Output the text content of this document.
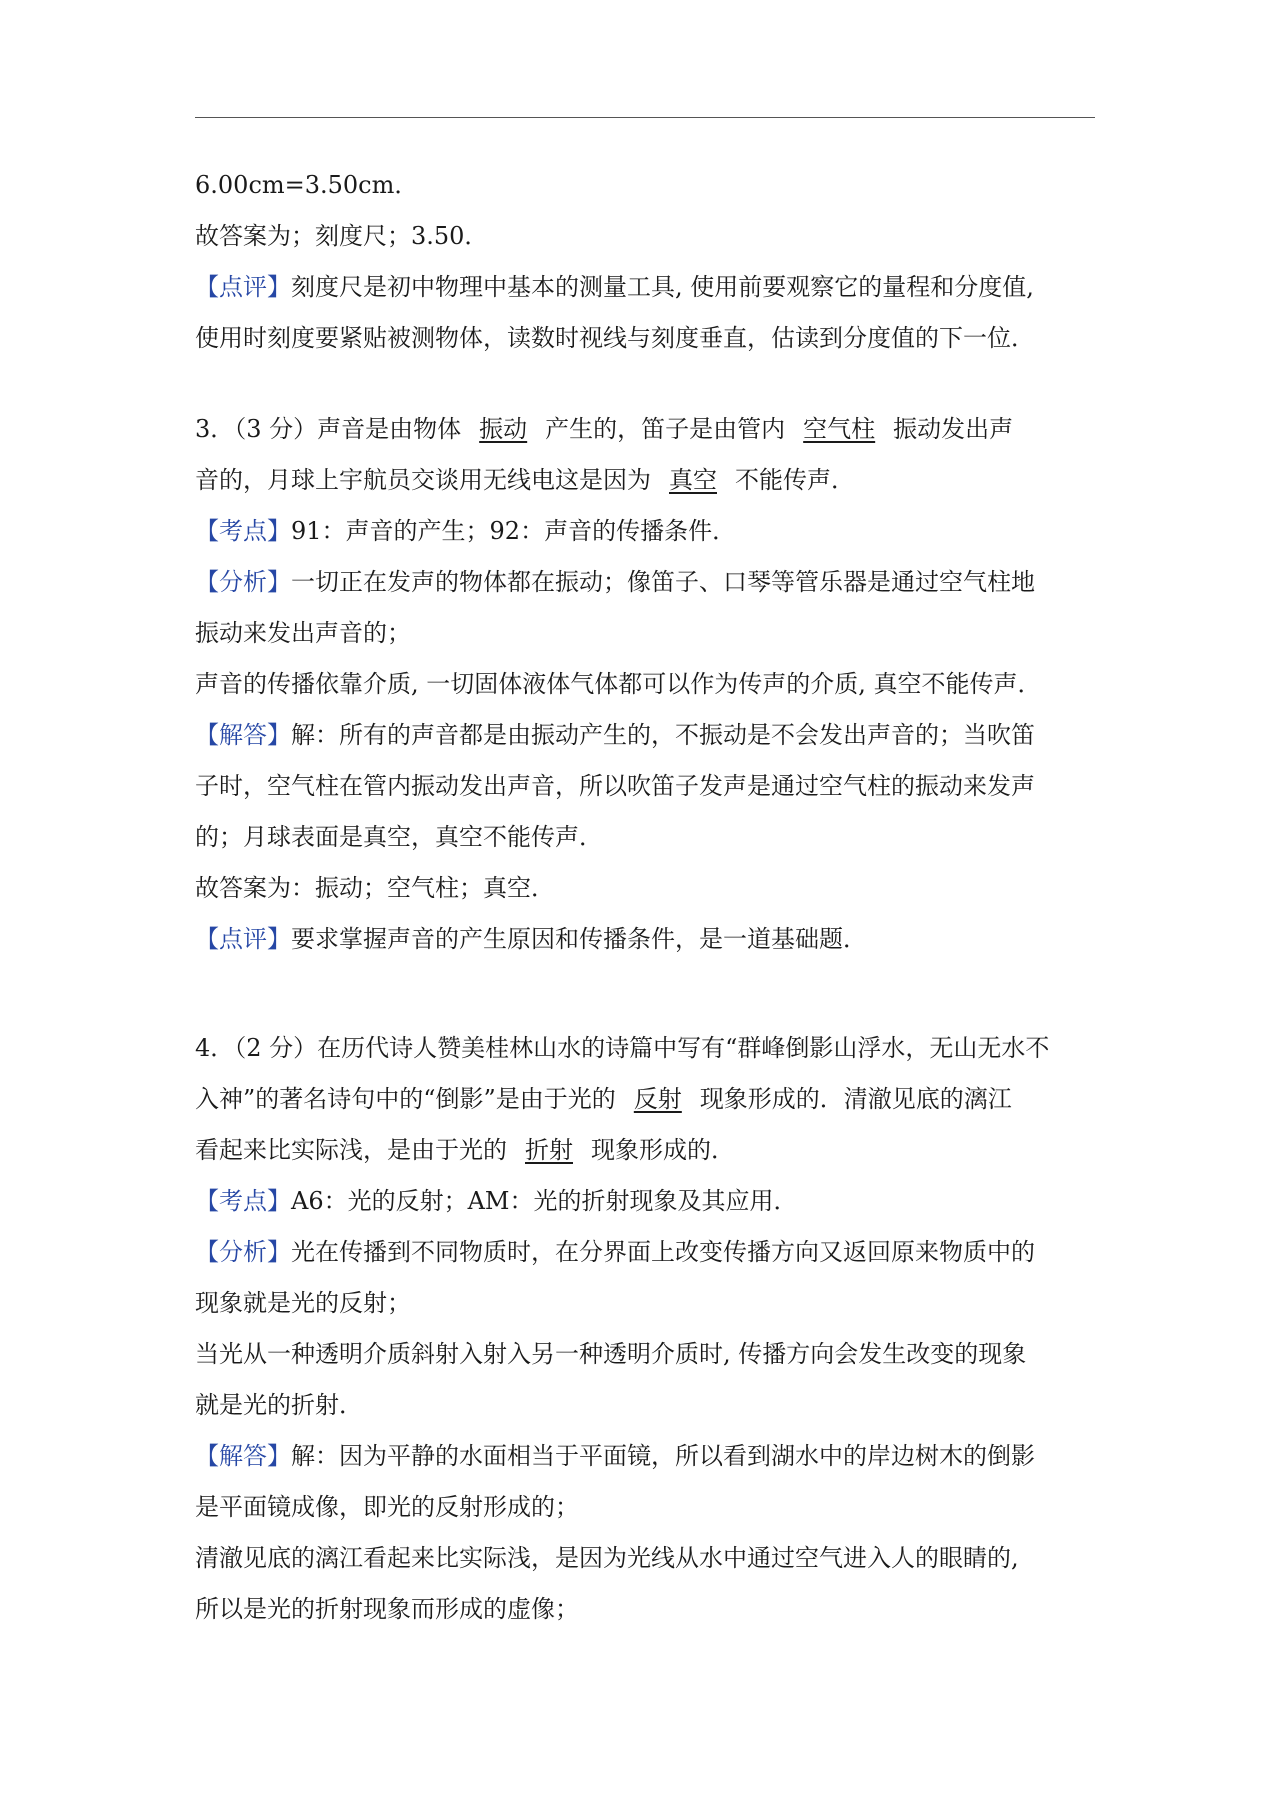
6.00cm=3.50cm．

故答案为；刻度尺；3.50．

【点评】刻度尺是初中物理中基本的测量工具, 使用前要观察它的量程和分度值,

使用时刻度要紧贴被测物体，读数时视线与刻度垂直，估读到分度值的下一位．

3．（3 分）声音是由物体 振动 产生的，笛子是由管内 空气柱 振动发出声

音的，月球上宇航员交谈用无线电这是因为 真空 不能传声．

【考点】91：声音的产生；92：声音的传播条件．

【分析】一切正在发声的物体都在振动；像笛子、口琴等管乐器是通过空气柱地

振动来发出声音的；

声音的传播依靠介质, 一切固体液体气体都可以作为传声的介质, 真空不能传声．

【解答】解：所有的声音都是由振动产生的，不振动是不会发出声音的；当吹笛

子时，空气柱在管内振动发出声音，所以吹笛子发声是通过空气柱的振动来发声

的；月球表面是真空，真空不能传声．

故答案为：振动；空气柱；真空．

【点评】要求掌握声音的产生原因和传播条件，是一道基础题．

4．（2 分）在历代诗人赞美桂林山水的诗篇中写有“群峰倒影山浮水，无山无水不

入神”的著名诗句中的“倒影”是由于光的 反射 现象形成的．清澈见底的漓江

看起来比实际浅，是由于光的 折射 现象形成的．

【考点】A6：光的反射；AM：光的折射现象及其应用．

【分析】光在传播到不同物质时，在分界面上改变传播方向又返回原来物质中的

现象就是光的反射；

当光从一种透明介质斜射入射入另一种透明介质时, 传播方向会发生改变的现象

就是光的折射．

【解答】解：因为平静的水面相当于平面镜，所以看到湖水中的岸边树木的倒影

是平面镜成像，即光的反射形成的；

清澈见底的漓江看起来比实际浅，是因为光线从水中通过空气进入人的眼睛的,

所以是光的折射现象而形成的虚像；
